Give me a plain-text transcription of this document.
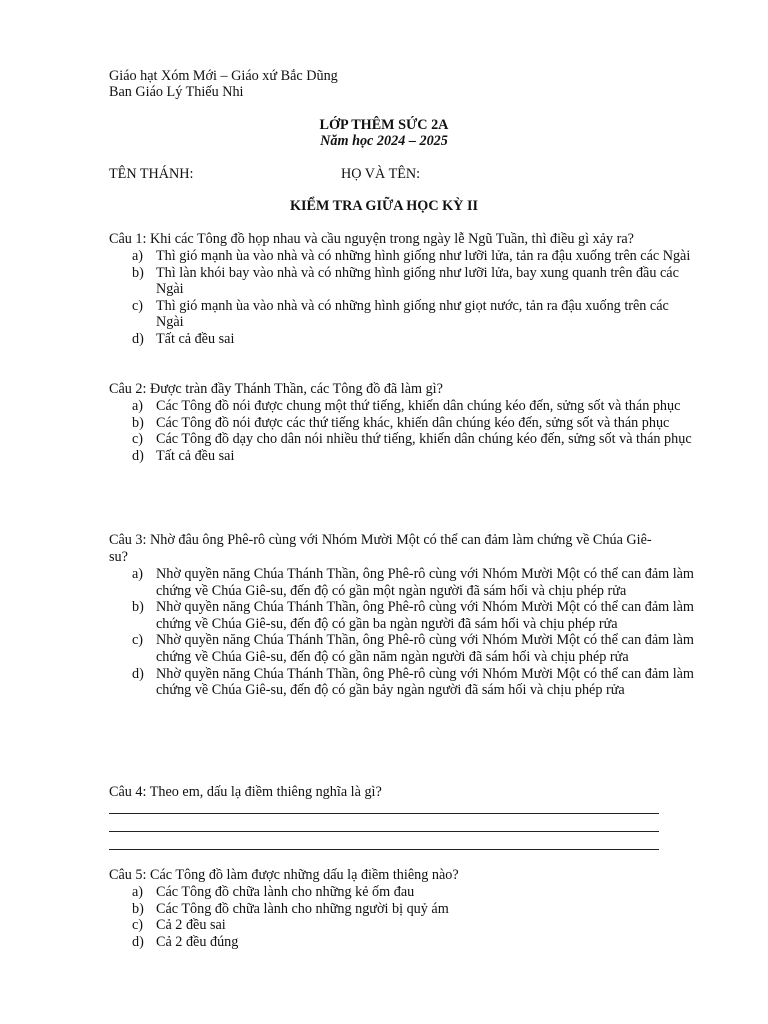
Giáo hạt Xóm Mới – Giáo xứ Bắc Dũng
Ban Giáo Lý Thiếu Nhi
LỚP THÊM SỨC 2A
Năm học 2024 – 2025
TÊN THÁNH:	HỌ VÀ TÊN:
KIỂM TRA GIỮA HỌC KỲ II
Câu 1: Khi các Tông đồ họp nhau và cầu nguyện trong ngày lễ Ngũ Tuần, thì điều gì xảy ra?
a) Thì gió mạnh ùa vào nhà và có những hình giống như lưỡi lửa, tản ra đậu xuống trên các Ngài
b) Thì làn khói bay vào nhà và có những hình giống như lưỡi lửa, bay xung quanh trên đầu các Ngài
c) Thì gió mạnh ùa vào nhà và có những hình giống như giọt nước, tản ra đậu xuống trên các Ngài
d) Tất cả đều sai
Câu 2: Được tràn đầy Thánh Thần, các Tông đồ đã làm gì?
a) Các Tông đồ nói được chung một thứ tiếng, khiến dân chúng kéo đến, sửng sốt và thán phục
b) Các Tông đồ nói được các thứ tiếng khác, khiến dân chúng kéo đến, sửng sốt và thán phục
c) Các Tông đồ dạy cho dân nói nhiều thứ tiếng, khiến dân chúng kéo đến, sửng sốt và thán phục
d) Tất cả đều sai
Câu 3: Nhờ đâu ông Phê-rô cùng với Nhóm Mười Một có thể can đảm làm chứng về Chúa Giê-su?
a) Nhờ quyền năng Chúa Thánh Thần, ông Phê-rô cùng với Nhóm Mười Một có thể can đảm làm chứng về Chúa Giê-su, đến độ có gần một ngàn người đã sám hối và chịu phép rửa
b) Nhờ quyền năng Chúa Thánh Thần, ông Phê-rô cùng với Nhóm Mười Một có thể can đảm làm chứng về Chúa Giê-su, đến độ có gần ba ngàn người đã sám hối và chịu phép rửa
c) Nhờ quyền năng Chúa Thánh Thần, ông Phê-rô cùng với Nhóm Mười Một có thể can đảm làm chứng về Chúa Giê-su, đến độ có gần năm ngàn người đã sám hối và chịu phép rửa
d) Nhờ quyền năng Chúa Thánh Thần, ông Phê-rô cùng với Nhóm Mười Một có thể can đảm làm chứng về Chúa Giê-su, đến độ có gần bảy ngàn người đã sám hối và chịu phép rửa
Câu 4: Theo em, dấu lạ điềm thiêng nghĩa là gì?
Câu 5: Các Tông đồ làm được những dấu lạ điềm thiêng nào?
a) Các Tông đồ chữa lành cho những kẻ ốm đau
b) Các Tông đồ chữa lành cho những người bị quỷ ám
c) Cả 2 đều sai
d) Cả 2 đều đúng
